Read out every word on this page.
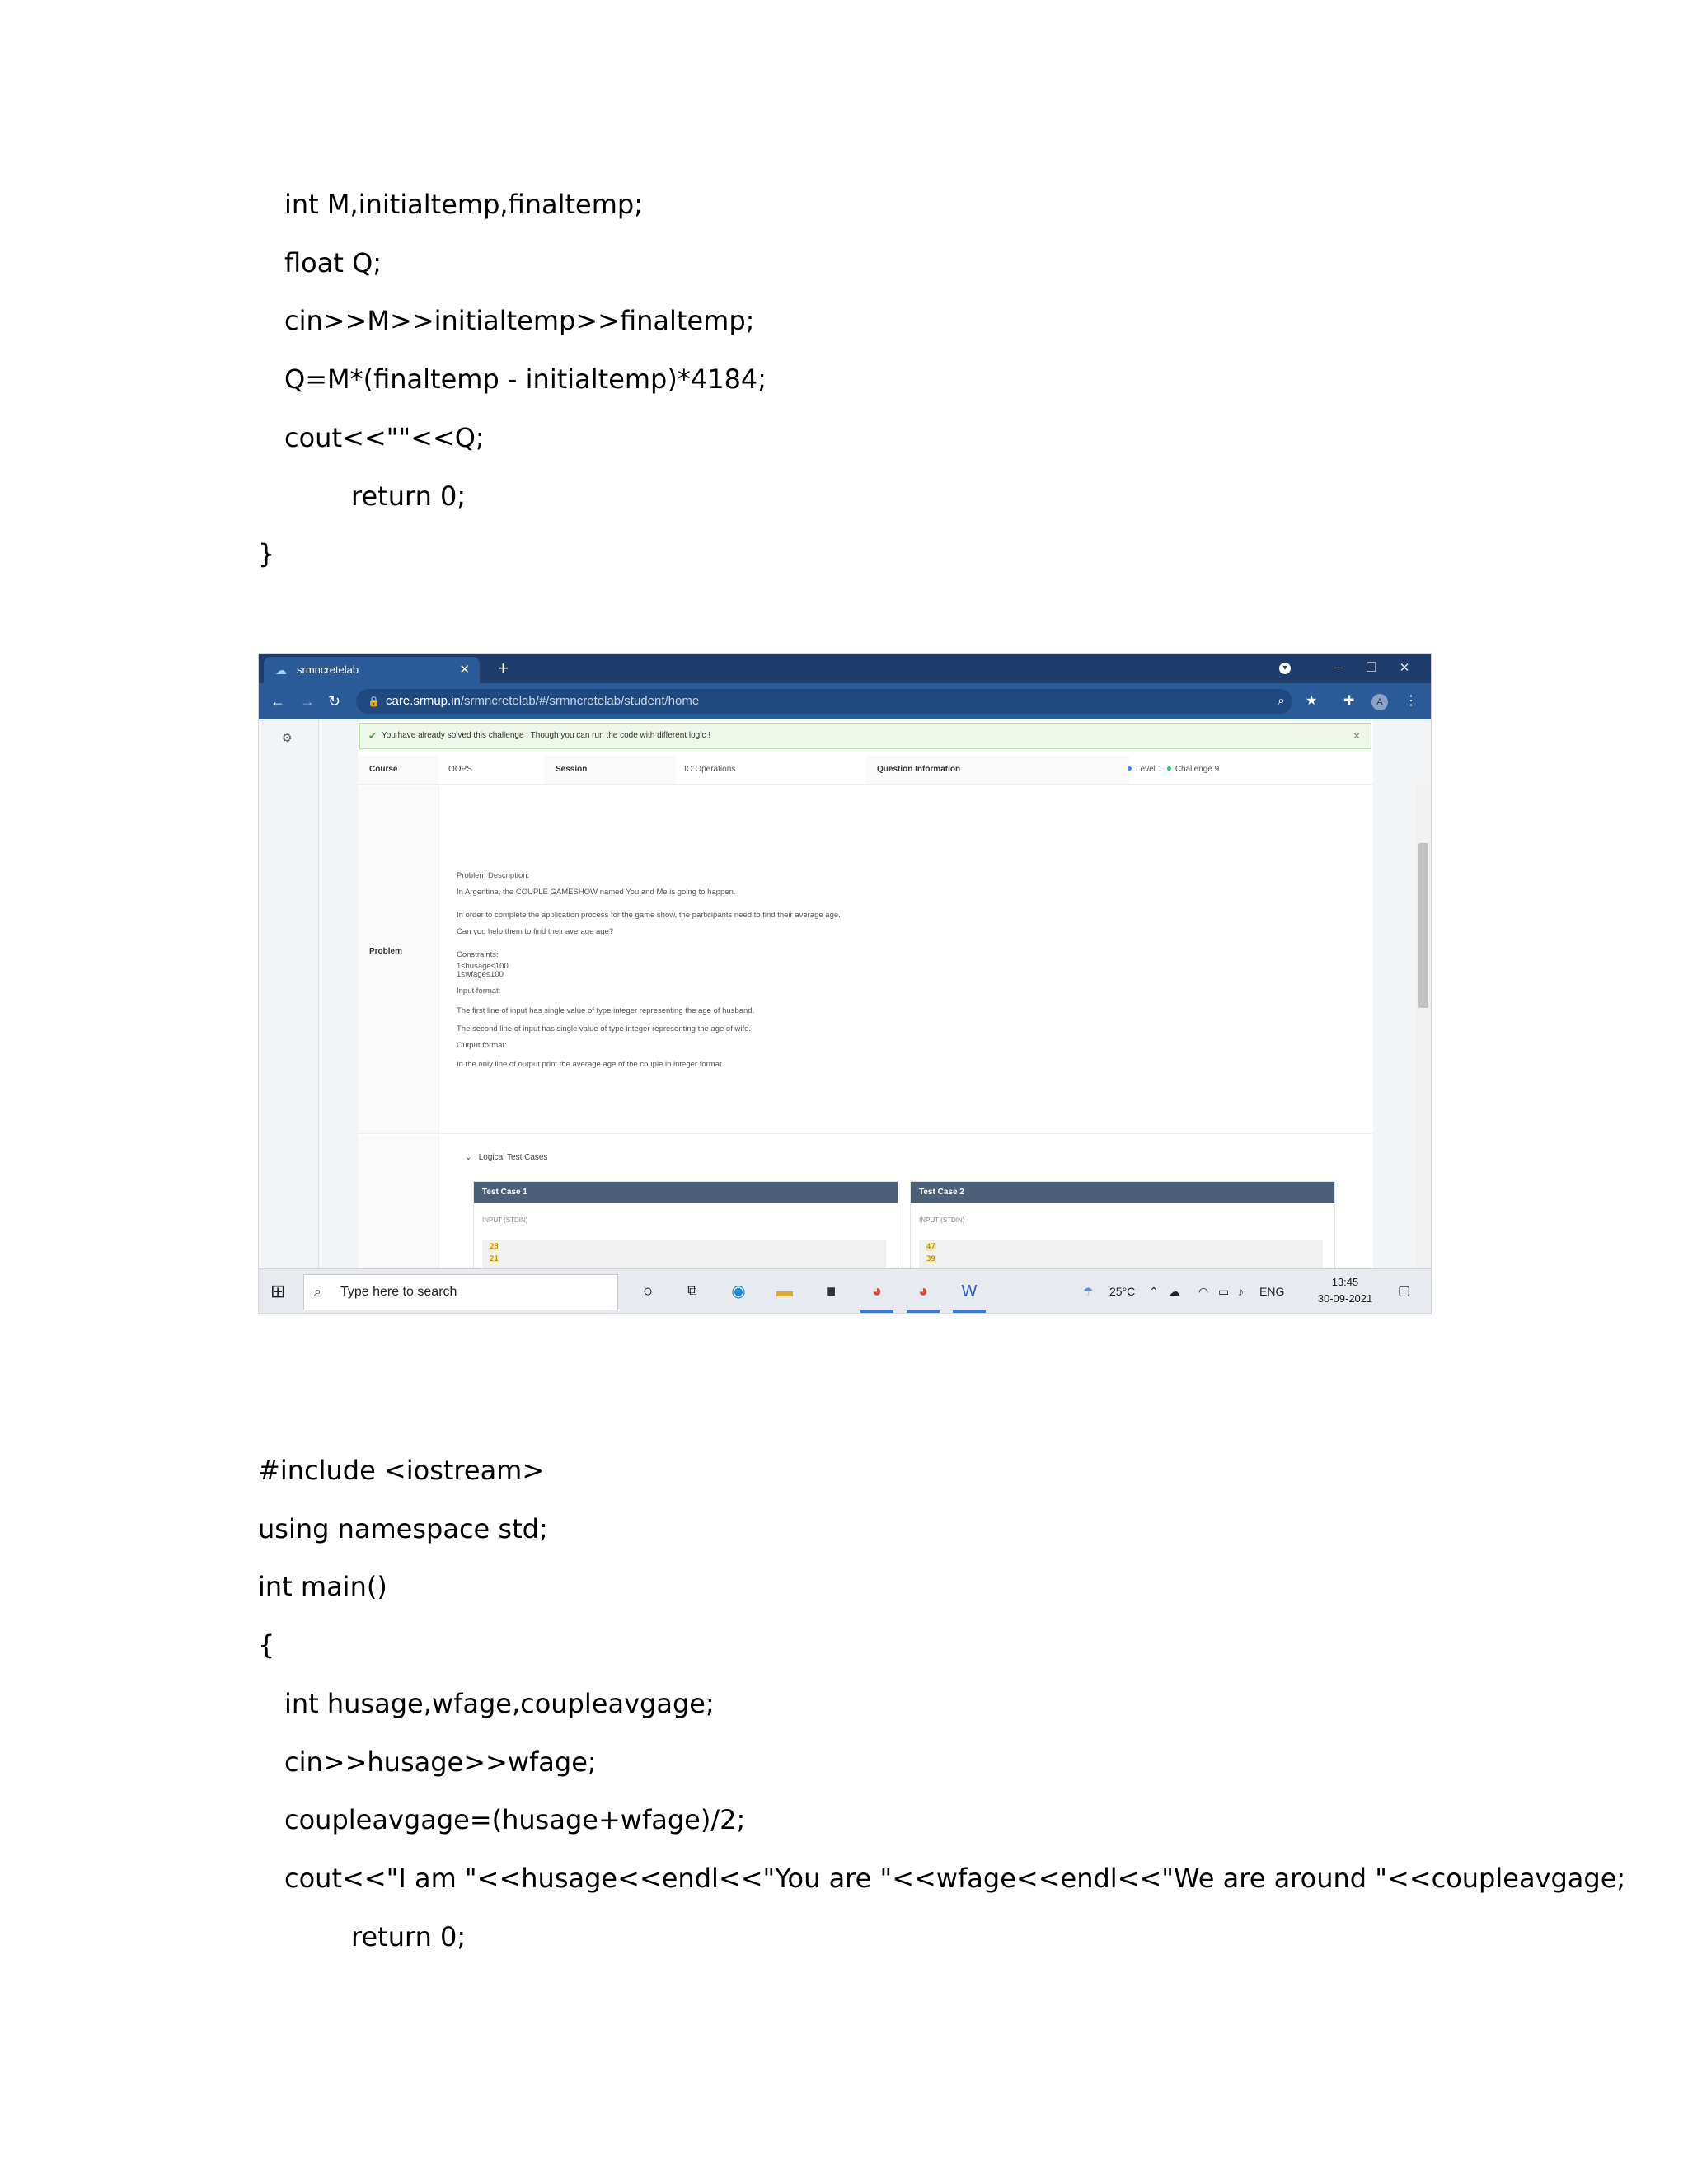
int M,initialtemp,finaltemp;
float Q;
cin>>M>>initialtemp>>finaltemp;
Q=M*(finaltemp - initialtemp)*4184;
cout<<""<<Q;
return 0;
}
☁ srmncretelab	✕ +	▾	─	❐	✕
← → ↻	🔒 care.srmup.in/srmncretelab/#/srmncretelab/student/home	⌕ ★ ✚	A	⋮
⚙	✔ You have already solved this challenge ! Though you can run the code with different logic !	✕
Course	OOPS	Session	IO Operations	Question Information	Level 1 Challenge 9
Problem
Problem Description:
In Argentina, the COUPLE GAMESHOW named You and Me is going to happen.
In order to complete the application process for the game show, the participants need to find their average age.
Can you help them to find their average age?
Constraints:
1≤husage≤100
1≤wfage≤100
Input format:
The first line of input has single value of type integer representing the age of husband.
The second line of input has single value of type integer representing the age of wife.
Output format:
In the only line of output print the average age of the couple in integer format.
⌄ Logical Test Cases
Test Case 1
INPUT (STDIN)
28
21
Test Case 2
INPUT (STDIN)
47
39
⊞ ⌕ Type here to search	○	⧉	◉	▬	■	◕	◕	W	☂ 25°C ⌃ ☁ ◠ ▭ ♪ ENG
13:45
30-09-2021
▢
#include <iostream>
using namespace std;
int main()
{
int husage,wfage,coupleavgage;
cin>>husage>>wfage;
coupleavgage=(husage+wfage)/2;
cout<<"I am "<<husage<<endl<<"You are "<<wfage<<endl<<"We are around "<<coupleavgage;
return 0;
